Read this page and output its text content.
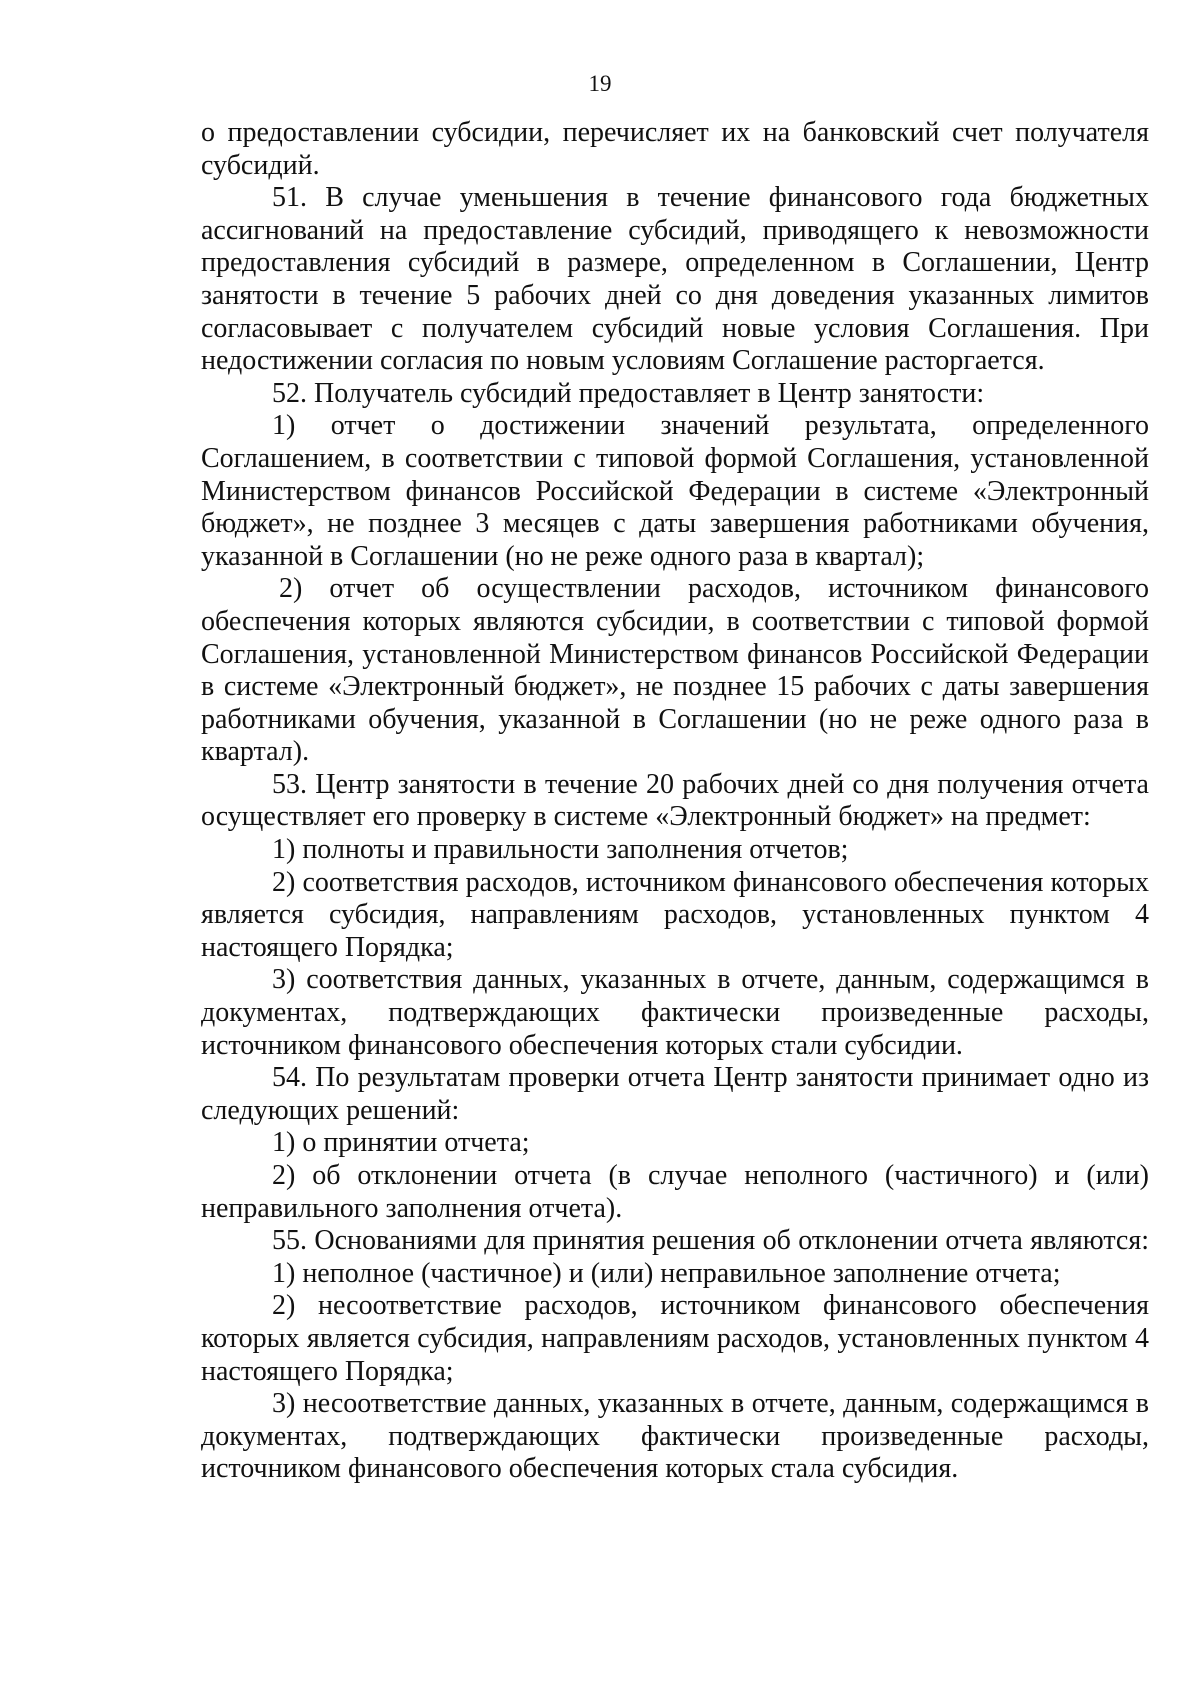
19

о предоставлении субсидии, перечисляет их на банковский счет получателя субсидий.

51. В случае уменьшения в течение финансового года бюджетных ассигнований на предоставление субсидий, приводящего к невозможности предоставления субсидий в размере, определенном в Соглашении, Центр занятости в течение 5 рабочих дней со дня доведения указанных лимитов согласовывает с получателем субсидий новые условия Соглашения. При недостижении согласия по новым условиям Соглашение расторгается.

52. Получатель субсидий предоставляет в Центр занятости:

1) отчет о достижении значений результата, определенного Соглашением, в соответствии с типовой формой Соглашения, установленной Министерством финансов Российской Федерации в системе «Электронный бюджет», не позднее 3 месяцев с даты завершения работниками обучения, указанной в Соглашении (но не реже одного раза в квартал);

2) отчет об осуществлении расходов, источником финансового обеспечения которых являются субсидии, в соответствии с типовой формой Соглашения, установленной Министерством финансов Российской Федерации в системе «Электронный бюджет», не позднее 15 рабочих с даты завершения работниками обучения, указанной в Соглашении (но не реже одного раза в квартал).

53. Центр занятости в течение 20 рабочих дней со дня получения отчета осуществляет его проверку в системе «Электронный бюджет» на предмет:

1) полноты и правильности заполнения отчетов;

2) соответствия расходов, источником финансового обеспечения которых является субсидия, направлениям расходов, установленных пунктом 4 настоящего Порядка;

3) соответствия данных, указанных в отчете, данным, содержащимся в документах, подтверждающих фактически произведенные расходы, источником финансового обеспечения которых стали субсидии.

54. По результатам проверки отчета Центр занятости принимает одно из следующих решений:

1) о принятии отчета;

2) об отклонении отчета (в случае неполного (частичного) и (или) неправильного заполнения отчета).

55. Основаниями для принятия решения об отклонении отчета являются: 1) неполное (частичное) и (или) неправильное заполнение отчета;

2) несоответствие расходов, источником финансового обеспечения которых является субсидия, направлениям расходов, установленных пунктом 4 настоящего Порядка;

3) несоответствие данных, указанных в отчете, данным, содержащимся в документах, подтверждающих фактически произведенные расходы, источником финансового обеспечения которых стала субсидия.
